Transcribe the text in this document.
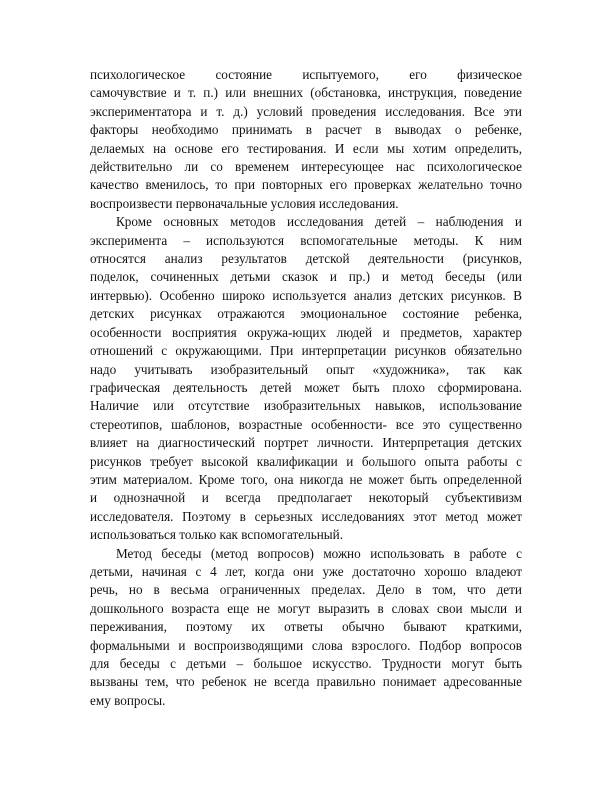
психологическое состояние испытуемого, его физическое
самочувствие и т. п.) или внешних (обстановка, инструкция, поведение
экспериментатора и т. д.) условий проведения исследования. Все эти
факторы необходимо принимать в расчет в выводах о ребенке,
делаемых на основе его тестирования. И если мы хотим определить,
действительно ли со временем интересующее нас психологическое
качество вменилось, то при повторных его проверках желательно точно
воспроизвести первоначальные условия исследования.

Кроме основных методов исследования детей – наблюдения и
эксперимента – используются вспомогательные методы. К ним
относятся анализ результатов детской деятельности (рисунков,
поделок, сочиненных детьми сказок и пр.) и метод беседы (или
интервью). Особенно широко используется анализ детских рисунков. В
детских рисунках отражаются эмоциональное состояние ребенка,
особенности восприятия окружа-ющих людей и предметов, характер
отношений с окружающими. При интерпретации рисунков обязательно
надо учитывать изобразительный опыт «художника», так как
графическая деятельность детей может быть плохо сформирована.
Наличие или отсутствие изобразительных навыков, использование
стереотипов, шаблонов, возрастные особенности- все это существенно
влияет на диагностический портрет личности. Интерпретация детских
рисунков требует высокой квалификации и большого опыта работы с
этим материалом. Кроме того, она никогда не может быть определенной
и однозначной и всегда предполагает некоторый субъективизм
исследователя. Поэтому в серьезных исследованиях этот метод может
использоваться только как вспомогательный.

Метод беседы (метод вопросов) можно использовать в работе с
детьми, начиная с 4 лет, когда они уже достаточно хорошо владеют
речь, но в весьма ограниченных пределах. Дело в том, что дети
дошкольного возраста еще не могут выразить в словах свои мысли и
переживания, поэтому их ответы обычно бывают краткими,
формальными и воспроизводящими слова взрослого. Подбор вопросов
для беседы с детьми – большое искусство. Трудности могут быть
вызваны тем, что ребенок не всегда правильно понимает адресованные
ему вопросы.
